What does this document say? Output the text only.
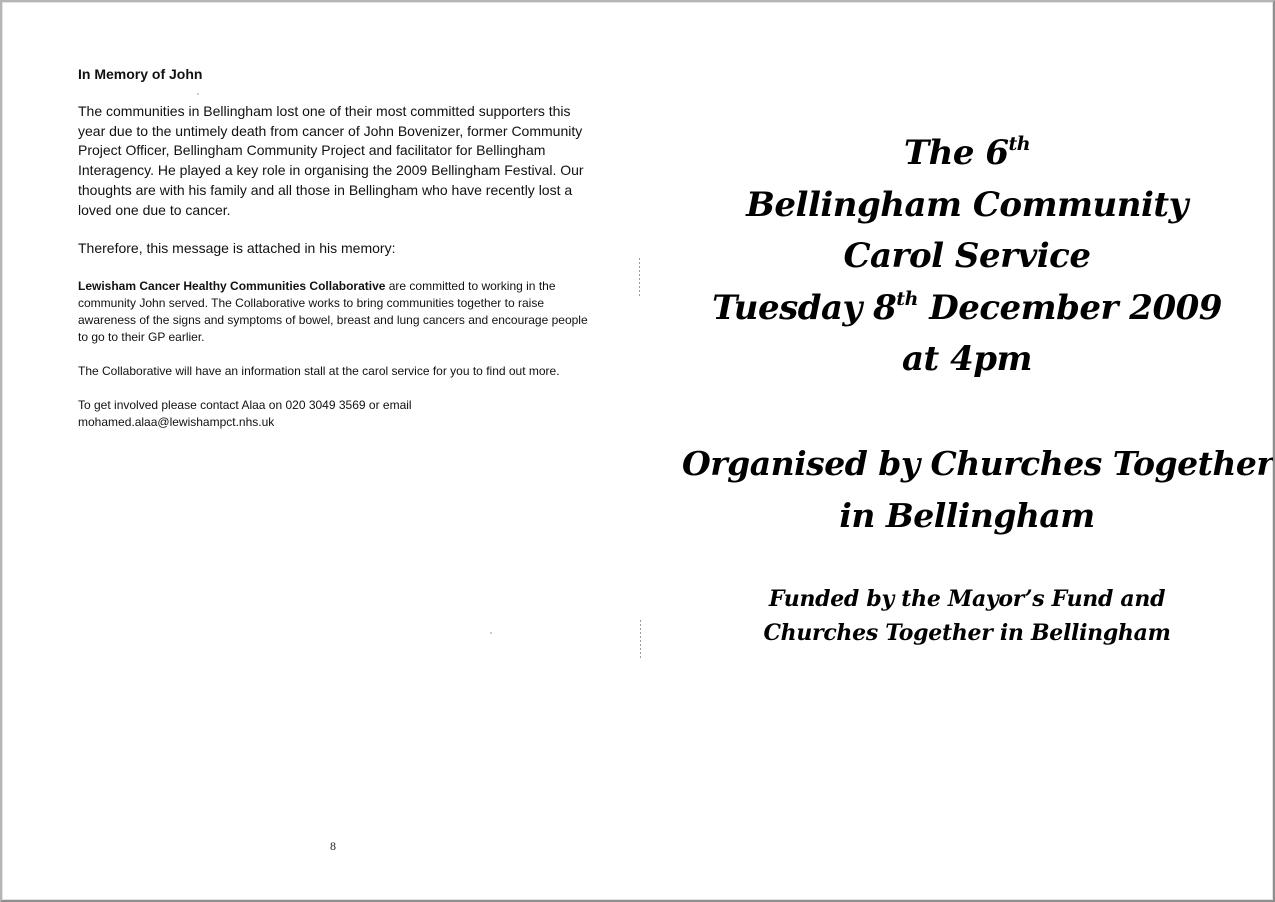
In Memory of John

The communities in Bellingham lost one of their most committed supporters this year due to the untimely death from cancer of John Bovenizer, former Community Project Officer, Bellingham Community Project and facilitator for Bellingham Interagency. He played a key role in organising the 2009 Bellingham Festival. Our thoughts are with his family and all those in Bellingham who have recently lost a loved one due to cancer.

Therefore, this message is attached in his memory:

Lewisham Cancer Healthy Communities Collaborative are committed to working in the community John served. The Collaborative works to bring communities together to raise awareness of the signs and symptoms of bowel, breast and lung cancers and encourage people to go to their GP earlier.

The Collaborative will have an information stall at the carol service for you to find out more.

To get involved please contact Alaa on 020 3049 3569 or email
mohamed.alaa@lewishampct.nhs.uk

8
The 6th
Bellingham Community
Carol Service
Tuesday 8th December 2009
at 4pm
Organised by Churches Together
in Bellingham
Funded by the Mayor’s Fund and
Churches Together in Bellingham
